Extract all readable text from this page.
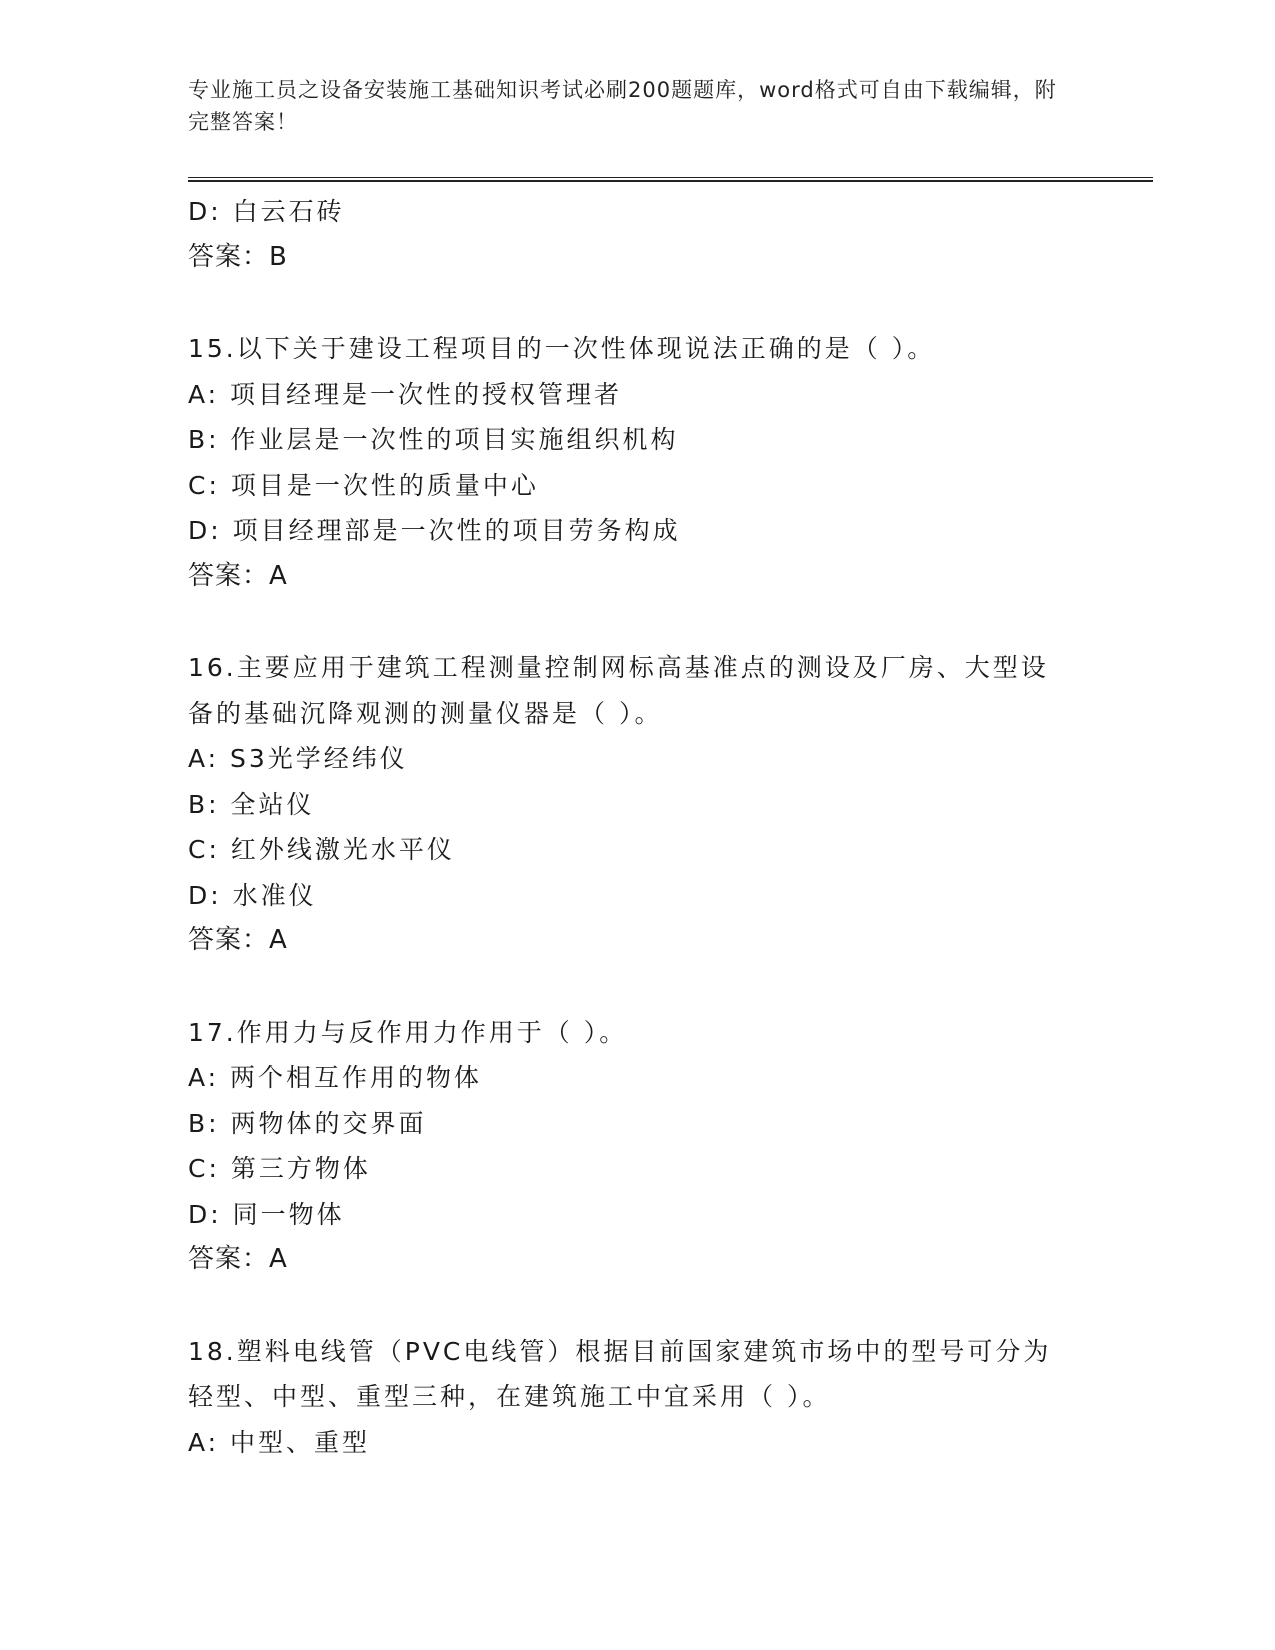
专业施工员之设备安装施工基础知识考试必刷200题题库，word格式可自由下载编辑，附完整答案！
D: 白云石砖
答案：B
15.以下关于建设工程项目的一次性体现说法正确的是（ ）。
A: 项目经理是一次性的授权管理者
B: 作业层是一次性的项目实施组织机构
C: 项目是一次性的质量中心
D: 项目经理部是一次性的项目劳务构成
答案：A
16.主要应用于建筑工程测量控制网标高基准点的测设及厂房、大型设
备的基础沉降观测的测量仪器是（ ）。
A: S3光学经纬仪
B: 全站仪
C: 红外线激光水平仪
D: 水准仪
答案：A
17.作用力与反作用力作用于（ ）。
A: 两个相互作用的物体
B: 两物体的交界面
C: 第三方物体
D: 同一物体
答案：A
18.塑料电线管（PVC电线管）根据目前国家建筑市场中的型号可分为
轻型、中型、重型三种，在建筑施工中宜采用（ ）。
A: 中型、重型
